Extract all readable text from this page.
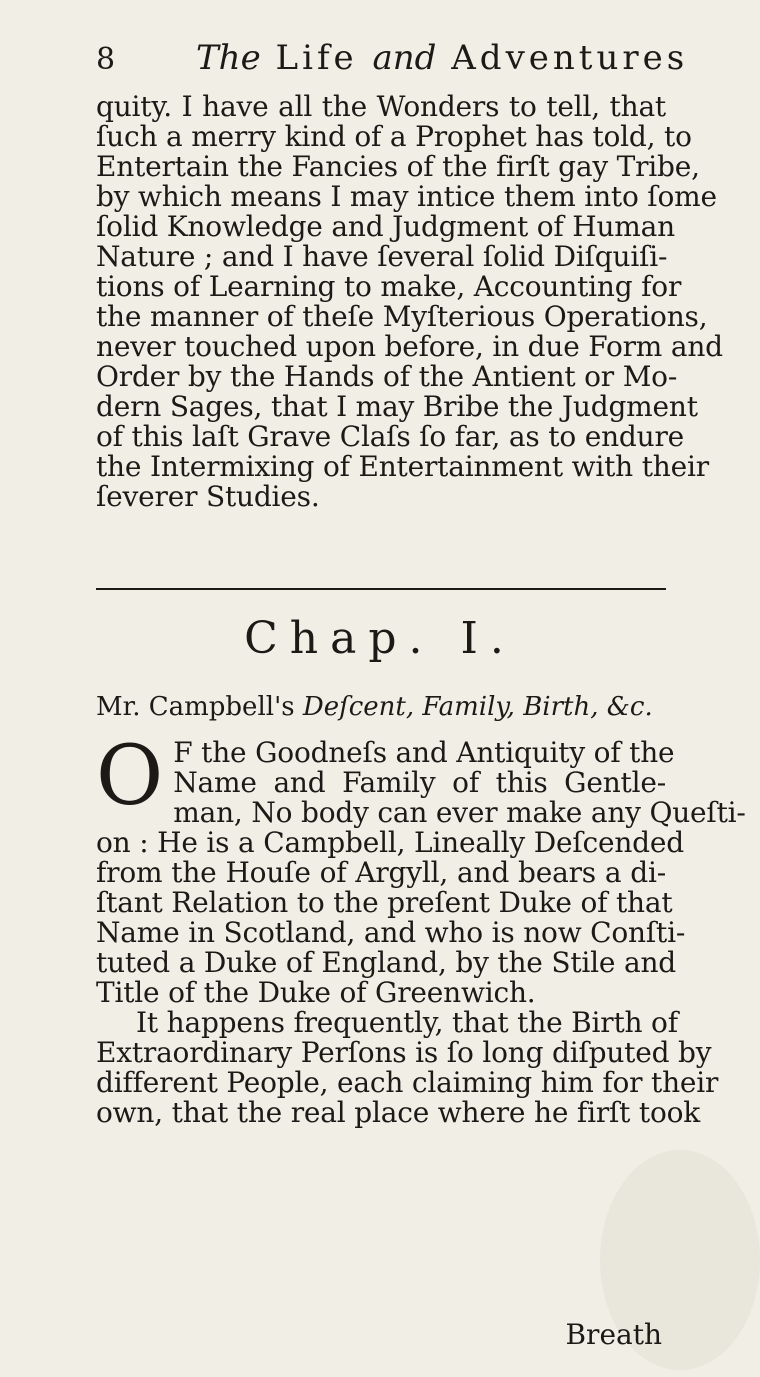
8 The Life and Adventures
quity. I have all the Wonders to tell, that
ſuch a merry kind of a Prophet has told, to
Entertain the Fancies of the firſt gay Tribe,
by which means I may intice them into ſome
ſolid Knowledge and Judgment of Human
Nature ; and I have ſeveral ſolid Diſquiſi-
tions of Learning to make, Accounting for
the manner of theſe Myſterious Operations,
never touched upon before, in due Form and
Order by the Hands of the Antient or Mo-
dern Sages, that I may Bribe the Judgment
of this laſt Grave Claſs ſo far, as to endure
the Intermixing of Entertainment with their
ſeverer Studies.
Chap. I.
Mr. Campbell's Deſcent, Family, Birth, &c.
O F the Goodneſs and Antiquity of the
Name and Family of this Gentle-
man, No body can ever make any Queſti-
on : He is a Campbell, Lineally Deſcended
from the Houſe of Argyll, and bears a di-
ſtant Relation to the preſent Duke of that
Name in Scotland, and who is now Conſti-
tuted a Duke of England, by the Stile and
Title of the Duke of Greenwich.
It happens frequently, that the Birth of
Extraordinary Perſons is ſo long diſputed by
different People, each claiming him for their
own, that the real place where he firſt took
Breath
